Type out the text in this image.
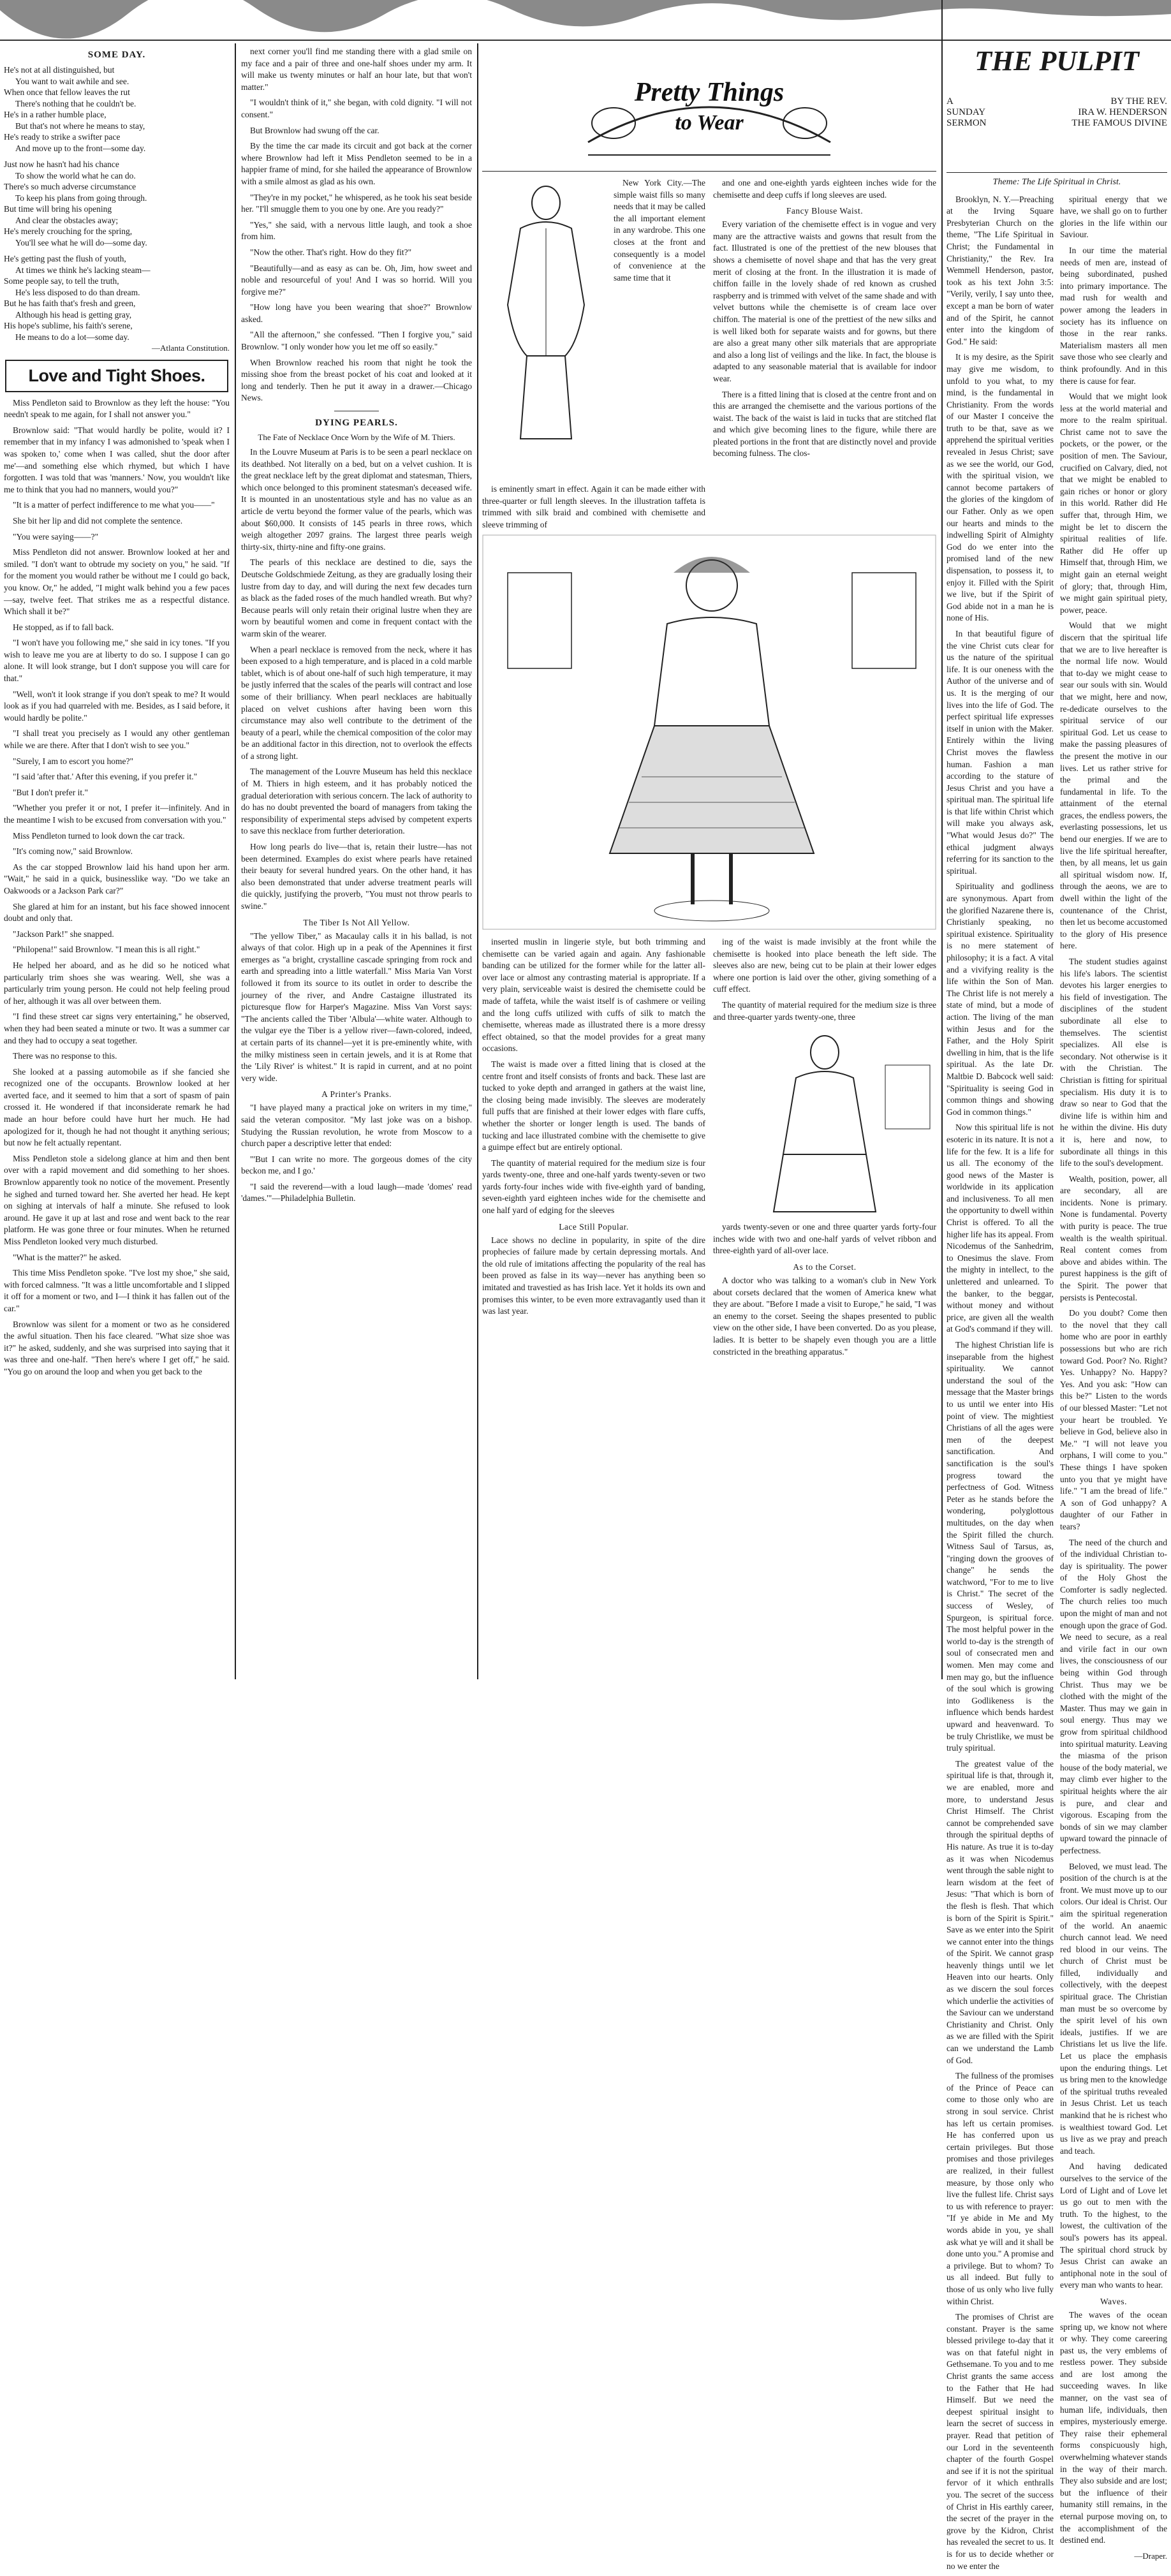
SOME DAY.

He's not at all distinguished, but

You want to wait awhile and see.

When once that fellow leaves the rut

There's nothing that he couldn't be.

He's in a rather humble place,

But that's not where he means to stay,

He's ready to strike a swifter pace

And move up to the front—some day.

Just now he hasn't had his chance

To show the world what he can do.

There's so much adverse circumstance

To keep his plans from going through.

But time will bring his opening

And clear the obstacles away;

He's merely crouching for the spring,

You'll see what he will do—some day.

He's getting past the flush of youth,

At times we think he's lacking steam—

Some people say, to tell the truth,

He's less disposed to do than dream.

But he has faith that's fresh and green,

Although his head is getting gray,

His hope's sublime, his faith's serene,

He means to do a lot—some day.

—Atlanta Constitution.

Love and Tight Shoes.

Miss Pendleton said to Brownlow as they left the house: "You needn't speak to me again, for I shall not answer you."

Brownlow said: "That would hardly be polite, would it? I remember that in my infancy I was admonished to 'speak when I was spoken to,' come when I was called, shut the door after me'—and something else which rhymed, but which I have forgotten. I was told that was 'manners.' Now, you wouldn't like me to think that you had no manners, would you?"

"It is a matter of perfect indifference to me what you——"

She bit her lip and did not complete the sentence.

"You were saying——?"

Miss Pendleton did not answer. Brownlow looked at her and smiled. "I don't want to obtrude my society on you," he said. "If for the moment you would rather be without me I could go back, you know. Or," he added, "I might walk behind you a few paces—say, twelve feet. That strikes me as a respectful distance. Which shall it be?"

He stopped, as if to fall back.

"I won't have you following me," she said in icy tones. "If you wish to leave me you are at liberty to do so. I suppose I can go alone. It will look strange, but I don't suppose you will care for that."

"Well, won't it look strange if you don't speak to me? It would look as if you had quarreled with me. Besides, as I said before, it would hardly be polite."

"I shall treat you precisely as I would any other gentleman while we are there. After that I don't wish to see you."

"Surely, I am to escort you home?"

"I said 'after that.' After this evening, if you prefer it."

"But I don't prefer it."

"Whether you prefer it or not, I prefer it—infinitely. And in the meantime I wish to be excused from conversation with you."

Miss Pendleton turned to look down the car track.

"It's coming now," said Brownlow.

As the car stopped Brownlow laid his hand upon her arm. "Wait," he said in a quick, businesslike way. "Do we take an Oakwoods or a Jackson Park car?"

She glared at him for an instant, but his face showed innocent doubt and only that.

"Jackson Park!" she snapped.

"Philopena!" said Brownlow. "I mean this is all right."

He helped her aboard, and as he did so he noticed what particularly trim shoes she was wearing. Well, she was a particularly trim young person. He could not help feeling proud of her, although it was all over between them.

"I find these street car signs very entertaining," he observed, when they had been seated a minute or two. It was a summer car and they had to occupy a seat together.

There was no response to this.

She looked at a passing automobile as if she fancied she recognized one of the occupants. Brownlow looked at her averted face, and it seemed to him that a sort of spasm of pain crossed it. He wondered if that inconsiderate remark he had made an hour before could have hurt her much. He had apologized for it, though he had not thought it anything serious; but now he felt actually repentant.

Miss Pendleton stole a sidelong glance at him and then bent over with a rapid movement and did something to her shoes. Brownlow apparently took no notice of the movement. Presently he sighed and turned toward her. She averted her head. He kept on sighing at intervals of half a minute. She refused to look around. He gave it up at last and rose and went back to the rear platform. He was gone three or four minutes. When he returned Miss Pendleton looked very much disturbed.

"What is the matter?" he asked.

This time Miss Pendleton spoke. "I've lost my shoe," she said, with forced calmness. "It was a little uncomfortable and I slipped it off for a moment or two, and I—I think it has fallen out of the car."

Brownlow was silent for a moment or two as he considered the awful situation. Then his face cleared. "What size shoe was it?" he asked, suddenly, and she was surprised into saying that it was three and one-half. "Then here's where I get off," he said. "You go on around the loop and when you get back to the

next corner you'll find me standing there with a glad smile on my face and a pair of three and one-half shoes under my arm. It will make us twenty minutes or half an hour late, but that won't matter."

"I wouldn't think of it," she began, with cold dignity. "I will not consent."

But Brownlow had swung off the car.

By the time the car made its circuit and got back at the corner where Brownlow had left it Miss Pendleton seemed to be in a happier frame of mind, for she hailed the appearance of Brownlow with a smile almost as glad as his own.

"They're in my pocket," he whispered, as he took his seat beside her. "I'll smuggle them to you one by one. Are you ready?"

"Yes," she said, with a nervous little laugh, and took a shoe from him.

"Now the other. That's right. How do they fit?"

"Beautifully—and as easy as can be. Oh, Jim, how sweet and noble and resourceful of you! And I was so horrid. Will you forgive me?"

"How long have you been wearing that shoe?" Brownlow asked.

"All the afternoon," she confessed. "Then I forgive you," said Brownlow. "I only wonder how you let me off so easily."

When Brownlow reached his room that night he took the missing shoe from the breast pocket of his coat and looked at it long and tenderly. Then he put it away in a drawer.—Chicago News.

DYING PEARLS.
The Fate of Necklace Once Worn by the Wife of M. Thiers.

In the Louvre Museum at Paris is to be seen a pearl necklace on its deathbed. Not literally on a bed, but on a velvet cushion. It is the great necklace left by the great diplomat and statesman, Thiers, which once belonged to this prominent statesman's deceased wife. It is mounted in an unostentatious style and has no value as an article de vertu beyond the former value of the pearls, which was about $60,000. It consists of 145 pearls in three rows, which weigh altogether 2097 grains. The largest three pearls weigh thirty-six, thirty-nine and fifty-one grains.

The pearls of this necklace are destined to die, says the Deutsche Goldschmiede Zeitung, as they are gradually losing their lustre from day to day, and will during the next few decades turn as black as the faded roses of the much handled wreath. But why? Because pearls will only retain their original lustre when they are worn by beautiful women and come in frequent contact with the warm skin of the wearer.

When a pearl necklace is removed from the neck, where it has been exposed to a high temperature, and is placed in a cold marble tablet, which is of about one-half of such high temperature, it may be justly inferred that the scales of the pearls will contract and lose some of their brilliancy. When pearl necklaces are habitually placed on velvet cushions after having been worn this circumstance may also well contribute to the detriment of the beauty of a pearl, while the chemical composition of the color may be an additional factor in this direction, not to overlook the effects of a strong light.

The management of the Louvre Museum has held this necklace of M. Thiers in high esteem, and it has probably noticed the gradual deterioration with serious concern. The lack of authority to do has no doubt prevented the board of managers from taking the responsibility of experimental steps advised by competent experts to save this necklace from further deterioration.

How long pearls do live—that is, retain their lustre—has not been determined. Examples do exist where pearls have retained their beauty for several hundred years. On the other hand, it has also been demonstrated that under adverse treatment pearls will die quickly, justifying the proverb, "You must not throw pearls to swine."

The Tiber Is Not All Yellow.

"The yellow Tiber," as Macaulay calls it in his ballad, is not always of that color. High up in a peak of the Apennines it first emerges as "a bright, crystalline cascade springing from rock and earth and spreading into a little waterfall." Miss Maria Van Vorst followed it from its source to its outlet in order to describe the journey of the river, and Andre Castaigne illustrated its picturesque flow for Harper's Magazine. Miss Van Vorst says: "The ancients called the Tiber 'Albula'—white water. Although to the vulgar eye the Tiber is a yellow river—fawn-colored, indeed, at certain parts of its channel—yet it is pre-eminently white, with the milky mistiness seen in certain jewels, and it is at Rome that the 'Lily River' is whitest." It is rapid in current, and at no point very wide.

A Printer's Pranks.

"I have played many a practical joke on writers in my time," said the veteran compositor. "My last joke was on a bishop. Studying the Russian revolution, he wrote from Moscow to a church paper a descriptive letter that ended:

"'But I can write no more. The gorgeous domes of the city beckon me, and I go.'

"I said the reverend—with a loud laugh—made 'domes' read 'dames.'"—Philadelphia Bulletin.

Pretty Things
to Wear

New York City.—The simple waist fills so many needs that it may be called the all important element in any wardrobe. This one closes at the front and consequently is a model of convenience at the same time that it

is eminently smart in effect. Again it can be made either with three-quarter or full length sleeves. In the illustration taffeta is trimmed with silk braid and combined with chemisette and sleeve trimming of

and one and one-eighth yards eighteen inches wide for the chemisette and deep cuffs if long sleeves are used.

Fancy Blouse Waist.

Every variation of the chemisette effect is in vogue and very many are the attractive waists and gowns that result from the fact. Illustrated is one of the prettiest of the new blouses that shows a chemisette of novel shape and that has the very great merit of closing at the front. In the illustration it is made of chiffon faille in the lovely shade of red known as crushed raspberry and is trimmed with velvet of the same shade and with velvet buttons while the chemisette is of cream lace over chiffon. The material is one of the prettiest of the new silks and is well liked both for separate waists and for gowns, but there are also a great many other silk materials that are appropriate and also a long list of veilings and the like. In fact, the blouse is adapted to any seasonable material that is available for indoor wear.

There is a fitted lining that is closed at the centre front and on this are arranged the chemisette and the various portions of the waist. The back of the waist is laid in tucks that are stitched flat and which give becoming lines to the figure, while there are pleated portions in the front that are distinctly novel and provide becoming fulness. The clos-

inserted muslin in lingerie style, but both trimming and chemisette can be varied again and again. Any fashionable banding can be utilized for the former while for the latter all-over lace or almost any contrasting material is appropriate. If a very plain, serviceable waist is desired the chemisette could be made of taffeta, while the waist itself is of cashmere or veiling and the long cuffs utilized with cuffs of silk to match the chemisette, whereas made as illustrated there is a more dressy effect obtained, so that the model provides for a great many occasions.

The waist is made over a fitted lining that is closed at the centre front and itself consists of fronts and back. These last are tucked to yoke depth and arranged in gathers at the waist line, the closing being made invisibly. The sleeves are moderately full puffs that are finished at their lower edges with flare cuffs, whether the shorter or longer length is used. The bands of tucking and lace illustrated combine with the chemisette to give a guimpe effect but are entirely optional.

The quantity of material required for the medium size is four yards twenty-one, three and one-half yards twenty-seven or two yards forty-four inches wide with five-eighth yard of banding, seven-eighth yard eighteen inches wide for the chemisette and one half yard of edging for the sleeves

Lace Still Popular.

Lace shows no decline in popularity, in spite of the dire prophecies of failure made by certain depressing mortals. And the old rule of imitations affecting the popularity of the real has been proved as false in its way—never has anything been so imitated and travestied as has Irish lace. Yet it holds its own and promises this winter, to be even more extravagantly used than it was last year.

ing of the waist is made invisibly at the front while the chemisette is hooked into place beneath the left side. The sleeves also are new, being cut to be plain at their lower edges where one portion is laid over the other, giving something of a cuff effect.

The quantity of material required for the medium size is three and three-quarter yards twenty-one, three

yards twenty-seven or one and three quarter yards forty-four inches wide with two and one-half yards of velvet ribbon and three-eighth yard of all-over lace.

As to the Corset.

A doctor who was talking to a woman's club in New York about corsets declared that the women of America knew what they are about. "Before I made a visit to Europe," he said, "I was an enemy to the corset. Seeing the shapes presented to public view on the other side, I have been converted. Do as you please, ladies. It is better to be shapely even though you are a little constricted in the breathing apparatus."

THE PULPIT
A
SUNDAY
SERMON
BY THE REV.
IRA W. HENDERSON
THE FAMOUS DIVINE

Theme: The Life Spiritual in Christ.

Brooklyn, N. Y.—Preaching at the Irving Square Presbyterian Church on the theme, "The Life Spiritual in Christ; the Fundamental in Christianity," the Rev. Ira Wemmell Henderson, pastor, took as his text John 3:5: "Verily, verily, I say unto thee, except a man be born of water and of the Spirit, he cannot enter into the kingdom of God." He said:

It is my desire, as the Spirit may give me wisdom, to unfold to you what, to my mind, is the fundamental in Christianity. From the words of our Master I conceive the truth to be that, save as we apprehend the spiritual verities revealed in Jesus Christ; save as we see the world, our God, with the spiritual vision, we cannot become partakers of the glories of the kingdom of our Father. Only as we open our hearts and minds to the indwelling Spirit of Almighty God do we enter into the promised land of the new dispensation, to possess it, to enjoy it. Filled with the Spirit we live, but if the Spirit of God abide not in a man he is none of His.

In that beautiful figure of the vine Christ cuts clear for us the nature of the spiritual life. It is our oneness with the Author of the universe and of us. It is the merging of our lives into the life of God. The perfect spiritual life expresses itself in union with the Maker. Entirely within the living Christ moves the flawless human. Fashion a man according to the stature of Jesus Christ and you have a spiritual man. The spiritual life is that life within Christ which will make you always ask, "What would Jesus do?" The ethical judgment always referring for its sanction to the spiritual.

Spirituality and godliness are synonymous. Apart from the glorified Nazarene there is, Christianly speaking, no spiritual existence. Spirituality is no mere statement of philosophy; it is a fact. A vital and a vivifying reality is the life within the Son of Man. The Christ life is not merely a state of mind, but a mode of action. The living of the man within Jesus and for the Father, and the Holy Spirit dwelling in him, that is the life spiritual. As the late Dr. Maltbie D. Babcock well said: "Spirituality is seeing God in common things and showing God in common things."

Now this spiritual life is not esoteric in its nature. It is not a life for the few. It is a life for us all. The economy of the good news of the Master is worldwide in its application and inclusiveness. To all men the opportunity to dwell within Christ is offered. To all the higher life has its appeal. From Nicodemus of the Sanhedrim, to Onesimus the slave. From the mighty in intellect, to the unlettered and unlearned. To the banker, to the beggar, without money and without price, are given all the wealth at God's command if they will.

The highest Christian life is inseparable from the highest spirituality. We cannot understand the soul of the message that the Master brings to us until we enter into His point of view. The mightiest Christians of all the ages were men of the deepest sanctification. And sanctification is the soul's progress toward the perfectness of God. Witness Peter as he stands before the wondering, polyglottous multitudes, on the day when the Spirit filled the church. Witness Saul of Tarsus, as, "ringing down the grooves of change" he sends the watchword, "For to me to live is Christ." The secret of the success of Wesley, of Spurgeon, is spiritual force. The most helpful power in the world to-day is the strength of soul of consecrated men and women. Men may come and men may go, but the influence of the soul which is growing into Godlikeness is the influence which bends hardest upward and heavenward. To be truly Christlike, we must be truly spiritual.

The greatest value of the spiritual life is that, through it, we are enabled, more and more, to understand Jesus Christ Himself. The Christ cannot be comprehended save through the spiritual depths of His nature. As true it is to-day as it was when Nicodemus went through the sable night to learn wisdom at the feet of Jesus: "That which is born of the flesh is flesh. That which is born of the Spirit is Spirit." Save as we enter into the Spirit we cannot enter into the things of the Spirit. We cannot grasp heavenly things until we let Heaven into our hearts. Only as we discern the soul forces which underlie the activities of the Saviour can we understand Christianity and Christ. Only as we are filled with the Spirit can we understand the Lamb of God.

The fullness of the promises of the Prince of Peace can come to those only who are strong in soul service. Christ has left us certain promises. He has conferred upon us certain privileges. But those promises and those privileges are realized, in their fullest measure, by those only who live the fullest life. Christ says to us with reference to prayer: "If ye abide in Me and My words abide in you, ye shall ask what ye will and it shall be done unto you." A promise and a privilege. But to whom? To us all indeed. But fully to those of us only who live fully within Christ.

The promises of Christ are constant. Prayer is the same blessed privilege to-day that it was on that fateful night in Gethsemane. To you and to me Christ grants the same access to the Father that He had Himself. But we need the deepest spiritual insight to learn the secret of success in prayer. Read that petition of our Lord in the seventeenth chapter of the fourth Gospel and see if it is not the spiritual fervor of it which enthralls you. The secret of the success of Christ in His earthly career, the secret of the prayer in the grove by the Kidron, Christ has revealed the secret to us. It is for us to decide whether or no we enter the

spiritual energy that we have, we shall go on to further glories in the life within our Saviour.

In our time the material needs of men are, instead of being subordinated, pushed into primary importance. The mad rush for wealth and power among the leaders in society has its influence on those in the rear ranks. Materialism masters all men save those who see clearly and think profoundly. And in this there is cause for fear.

Would that we might look less at the world material and more to the realm spiritual. Christ came not to save the pockets, or the power, or the position of men. The Saviour, crucified on Calvary, died, not that we might be enabled to gain riches or honor or glory in this world. Rather did He suffer that, through Him, we might be let to discern the spiritual realities of life. Rather did He offer up Himself that, through Him, we might gain an eternal weight of glory; that, through Him, we might gain spiritual piety, power, peace.

Would that we might discern that the spiritual life that we are to live hereafter is the normal life now. Would that to-day we might cease to sear our souls with sin. Would that we might, here and now, re-dedicate ourselves to the spiritual service of our spiritual God. Let us cease to make the passing pleasures of the present the motive in our lives. Let us rather strive for the primal and the fundamental in life. To the attainment of the eternal graces, the endless powers, the everlasting possessions, let us bend our energies. If we are to live the life spiritual hereafter, then, by all means, let us gain all spiritual wisdom now. If, through the aeons, we are to dwell within the light of the countenance of the Christ, then let us become accustomed to the glory of His presence here.

The student studies against his life's labors. The scientist devotes his larger energies to his field of investigation. The disciplines of the student subordinate all else to themselves. The scientist specializes. All else is secondary. Not otherwise is it with the Christian. The Christian is fitting for spiritual specialism. His duty it is to draw so near to God that the divine life is within him and he within the divine. His duty it is, here and now, to subordinate all things in this life to the soul's development.

Wealth, position, power, all are secondary, all are incidents. None is primary. None is fundamental. Poverty with purity is peace. The true wealth is the wealth spiritual. Real content comes from above and abides within. The purest happiness is the gift of the Spirit. The power that persists is Pentecostal.

Do you doubt? Come then to the novel that they call home who are poor in earthly possessions but who are rich toward God. Poor? No. Right? Yes. Unhappy? No. Happy? Yes. And you ask: "How can this be?" Listen to the words of our blessed Master: "Let not your heart be troubled. Ye believe in God, believe also in Me." "I will not leave you orphans, I will come to you." These things I have spoken unto you that ye might have life." "I am the bread of life." A son of God unhappy? A daughter of our Father in tears?

The need of the church and of the individual Christian to-day is spirituality. The power of the Holy Ghost the Comforter is sadly neglected. The church relies too much upon the might of man and not enough upon the grace of God. We need to secure, as a real and virile fact in our own lives, the consciousness of our being within God through Christ. Thus may we be clothed with the might of the Master. Thus may we gain in soul energy. Thus may we grow from spiritual childhood into spiritual maturity. Leaving the miasma of the prison house of the body material, we may climb ever higher to the spiritual heights where the air is pure, and clear and vigorous. Escaping from the bonds of sin we may clamber upward toward the pinnacle of perfectness.

Beloved, we must lead. The position of the church is at the front. We must move up to our colors. Our ideal is Christ. Our aim the spiritual regeneration of the world. An anaemic church cannot lead. We need red blood in our veins. The church of Christ must be filled, individually and collectively, with the deepest spiritual grace. The Christian man must be so overcome by the spirit level of his own ideals, justifies. If we are Christians let us live the life. Let us place the emphasis upon the enduring things. Let us bring men to the knowledge of the spiritual truths revealed in Jesus Christ. Let us teach mankind that he is richest who is wealthiest toward God. Let us live as we pray and preach and teach.

And having dedicated ourselves to the service of the Lord of Light and of Love let us go out to men with the truth. To the highest, to the lowest, the cultivation of the soul's powers has its appeal. The spiritual chord struck by Jesus Christ can awake an antiphonal note in the soul of every man who wants to hear.

Waves.

The waves of the ocean spring up, we know not where or why. They come careering past us, the very emblems of restless power. They subside and are lost among the succeeding waves. In like manner, on the vast sea of human life, individuals, then empires, mysteriously emerge. They raise their ephemeral forms conspicuously high, overwhelming whatever stands in the way of their march. They also subside and are lost; but the influence of their humanity still remains, in the eternal purpose moving on, to the accomplishment of the destined end.

—Draper.
